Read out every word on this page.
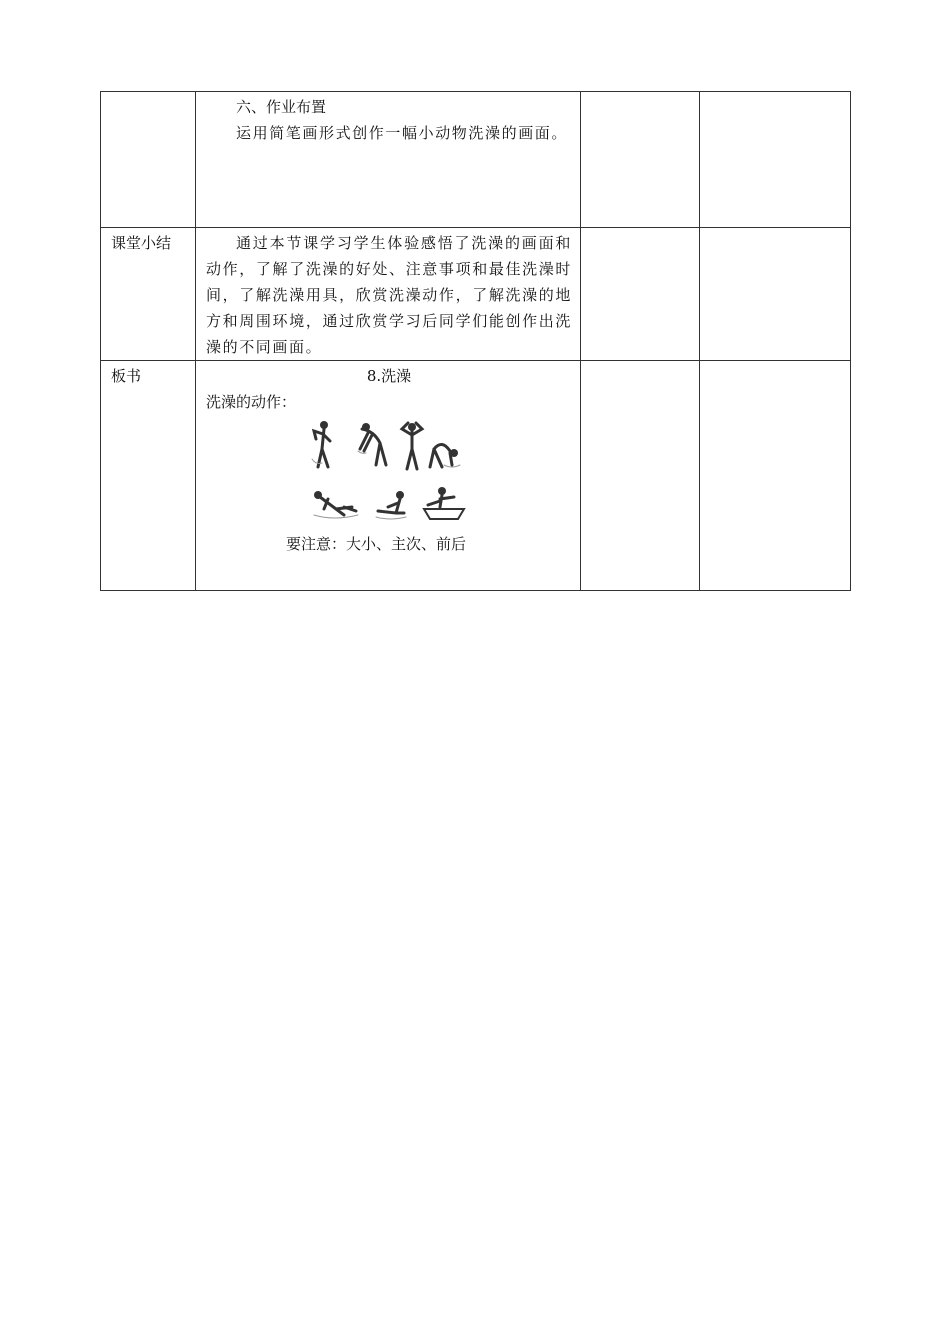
	六、作业布置

运用简笔画形式创作一幅小动物洗澡的画面。		

课堂小结	通过本节课学习学生体验感悟了洗澡的画面和动作，了解了洗澡的好处、注意事项和最佳洗澡时间，了解洗澡用具，欣赏洗澡动作，了解洗澡的地方和周围环境，通过欣赏学习后同学们能创作出洗澡的不同画面。		

板书	8.洗澡

洗澡的动作：

要注意：大小、主次、前后		
